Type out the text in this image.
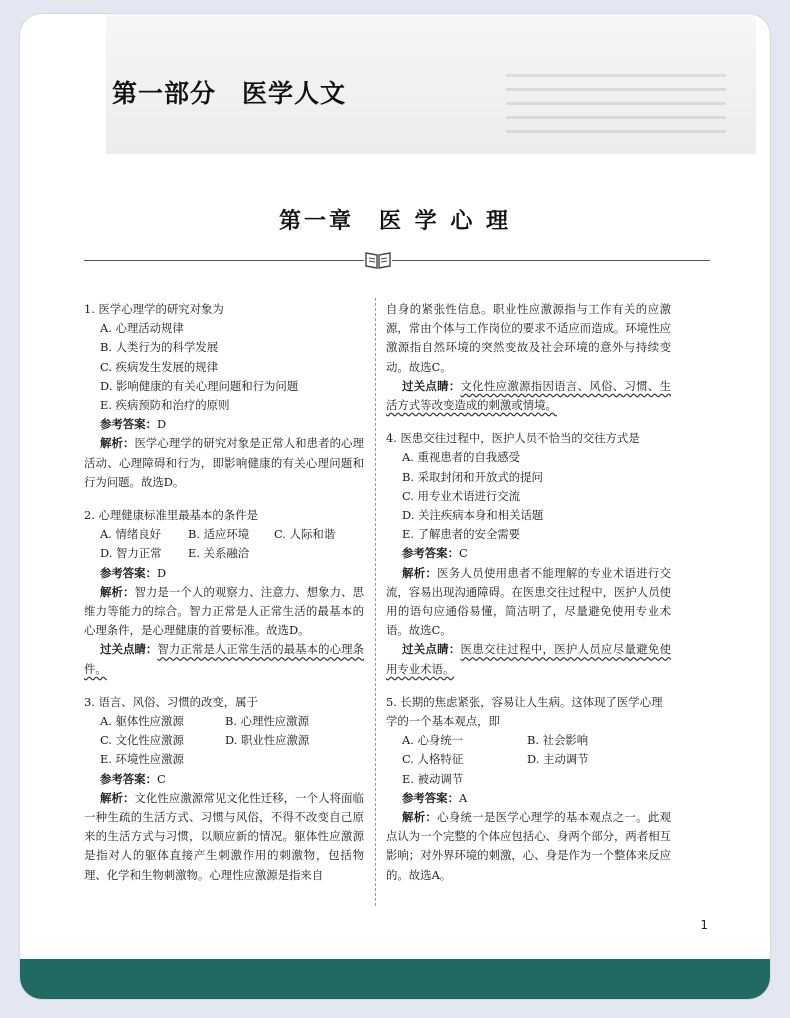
第一部分　医学人文
第一章　医 学 心 理

1. 医学心理学的研究对象为

A. 心理活动规律

B. 人类行为的科学发展

C. 疾病发生发展的规律

D. 影响健康的有关心理问题和行为问题

E. 疾病预防和治疗的原则

参考答案：D

解析：医学心理学的研究对象是正常人和患者的心理活动、心理障碍和行为，即影响健康的有关心理问题和行为问题。故选D。

2. 心理健康标准里最基本的条件是

A. 情绪良好	B. 适应环境	C. 人际和谐
D. 智力正常	E. 关系融洽

参考答案：D

解析：智力是一个人的观察力、注意力、想象力、思维力等能力的综合。智力正常是人正常生活的最基本的心理条件，是心理健康的首要标准。故选D。

过关点睛：智力正常是人正常生活的最基本的心理条件。

3. 语言、风俗、习惯的改变，属于

A. 躯体性应激源	B. 心理性应激源
C. 文化性应激源	D. 职业性应激源
E. 环境性应激源

参考答案：C

解析：文化性应激源常见文化性迁移，一个人将面临一种生疏的生活方式、习惯与风俗，不得不改变自己原来的生活方式与习惯，以顺应新的情况。躯体性应激源是指对人的躯体直接产生刺激作用的刺激物，包括物理、化学和生物刺激物。心理性应激源是指来自

自身的紧张性信息。职业性应激源指与工作有关的应激源，常由个体与工作岗位的要求不适应而造成。环境性应激源指自然环境的突然变故及社会环境的意外与持续变动。故选C。

过关点睛：文化性应激源指因语言、风俗、习惯、生活方式等改变造成的刺激或情境。

4. 医患交往过程中，医护人员不恰当的交往方式是

A. 重视患者的自我感受

B. 采取封闭和开放式的提问

C. 用专业术语进行交流

D. 关注疾病本身和相关话题

E. 了解患者的安全需要

参考答案：C

解析：医务人员使用患者不能理解的专业术语进行交流，容易出现沟通障碍。在医患交往过程中，医护人员使用的语句应通俗易懂，简洁明了，尽量避免使用专业术语。故选C。

过关点睛：医患交往过程中，医护人员应尽量避免使用专业术语。

5. 长期的焦虑紧张，容易让人生病。这体现了医学心理学的一个基本观点，即

A. 心身统一	B. 社会影响
C. 人格特征	D. 主动调节
E. 被动调节

参考答案：A

解析：心身统一是医学心理学的基本观点之一。此观点认为一个完整的个体应包括心、身两个部分，两者相互影响；对外界环境的刺激，心、身是作为一个整体来反应的。故选A。

1
